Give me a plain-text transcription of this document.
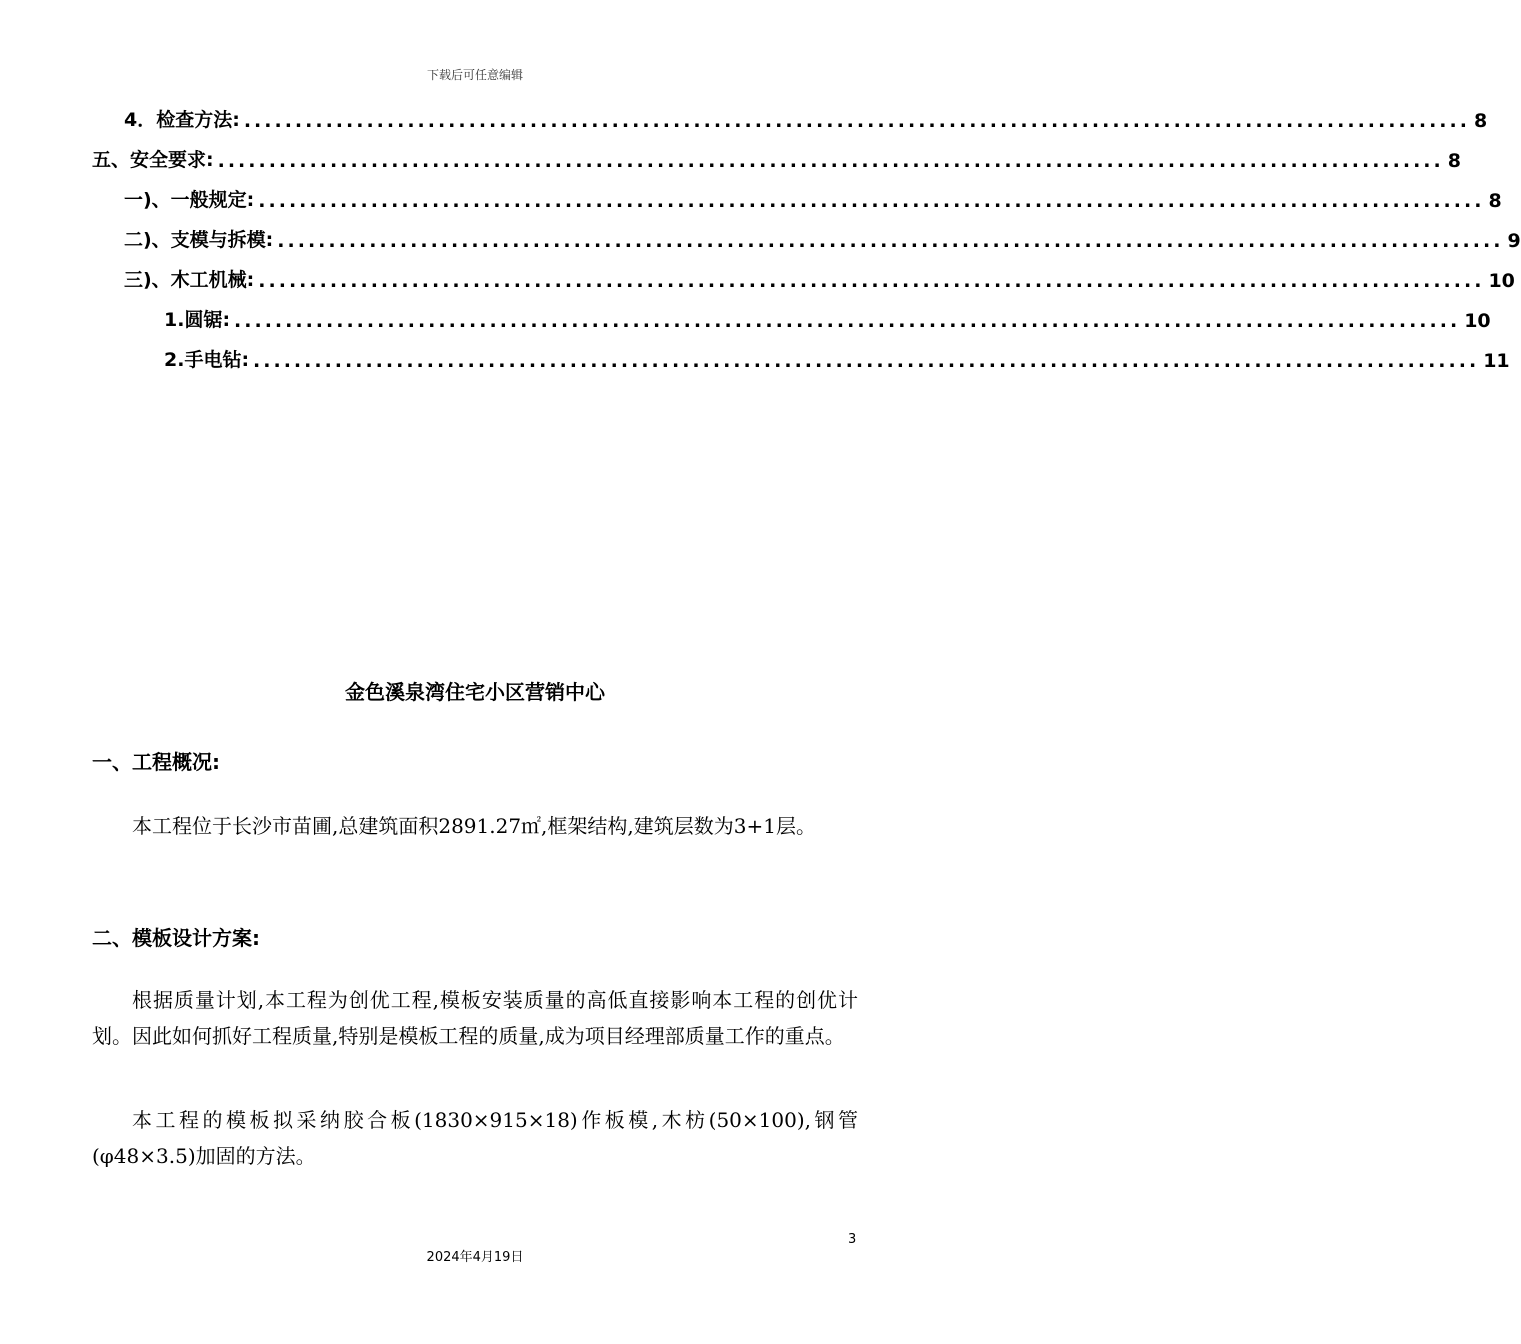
下载后可任意编辑
4．检查方法: ........................................................................................................................ 8
五、安全要求: ........................................................................................................................ 8
一)、一般规定: ........................................................................................................................ 8
二)、支模与拆模: ........................................................................................................................ 9
三)、木工机械: ........................................................................................................................ 10
1.圆锯: ........................................................................................................................ 10
2.手电钻: ........................................................................................................................ 11
金色溪泉湾住宅小区营销中心
一、工程概况:
本工程位于长沙市苗圃,总建筑面积2891.27㎡,框架结构,建筑层数为3+1层。
二、模板设计方案:
根据质量计划,本工程为创优工程,模板安装质量的高低直接影响本工程的创优计划。因此如何抓好工程质量,特别是模板工程的质量,成为项目经理部质量工作的重点。
本工程的模板拟采纳胶合板(1830×915×18)作板模,木枋(50×100),钢管(φ48×3.5)加固的方法。
3
2024年4月19日
